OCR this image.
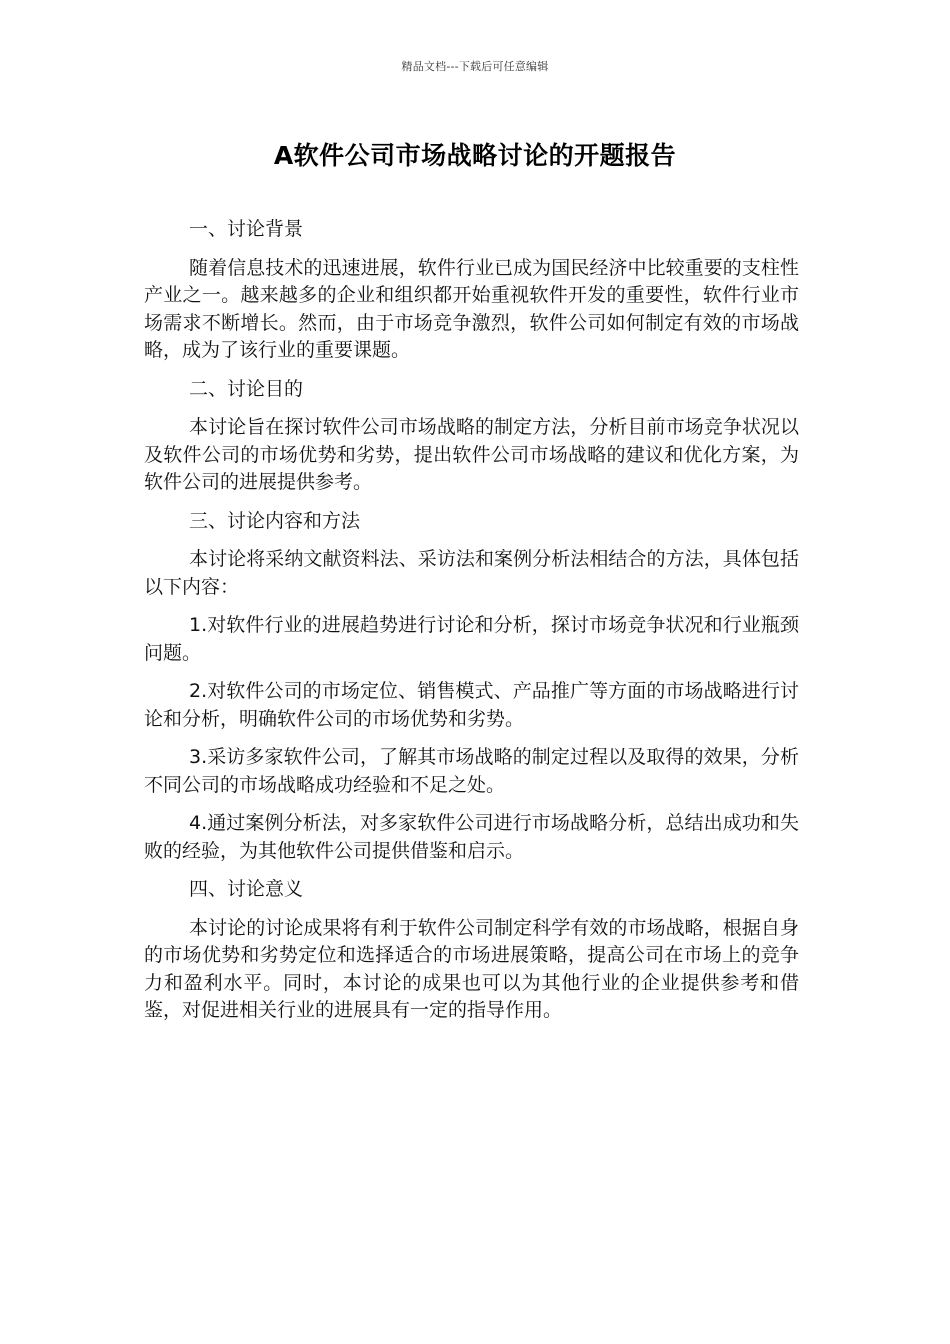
精品文档---下载后可任意编辑
A软件公司市场战略讨论的开题报告
一、讨论背景

随着信息技术的迅速进展，软件行业已成为国民经济中比较重要的支柱性产业之一。越来越多的企业和组织都开始重视软件开发的重要性，软件行业市场需求不断增长。然而，由于市场竞争激烈，软件公司如何制定有效的市场战略，成为了该行业的重要课题。

二、讨论目的

本讨论旨在探讨软件公司市场战略的制定方法，分析目前市场竞争状况以及软件公司的市场优势和劣势，提出软件公司市场战略的建议和优化方案，为软件公司的进展提供参考。

三、讨论内容和方法

本讨论将采纳文献资料法、采访法和案例分析法相结合的方法，具体包括以下内容：

1.对软件行业的进展趋势进行讨论和分析，探讨市场竞争状况和行业瓶颈问题。

2.对软件公司的市场定位、销售模式、产品推广等方面的市场战略进行讨论和分析，明确软件公司的市场优势和劣势。

3.采访多家软件公司，了解其市场战略的制定过程以及取得的效果，分析不同公司的市场战略成功经验和不足之处。

4.通过案例分析法，对多家软件公司进行市场战略分析，总结出成功和失败的经验，为其他软件公司提供借鉴和启示。

四、讨论意义

本讨论的讨论成果将有利于软件公司制定科学有效的市场战略，根据自身的市场优势和劣势定位和选择适合的市场进展策略，提高公司在市场上的竞争力和盈利水平。同时，本讨论的成果也可以为其他行业的企业提供参考和借鉴，对促进相关行业的进展具有一定的指导作用。
